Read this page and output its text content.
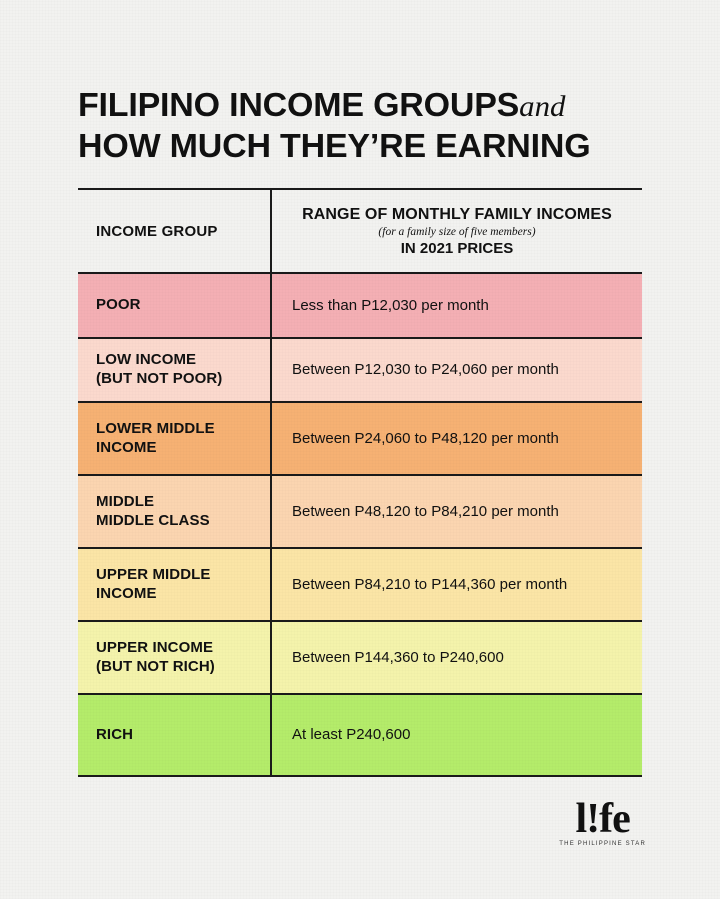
FILIPINO INCOME GROUPSand
HOW MUCH THEY’RE EARNING
INCOME GROUP	RANGE OF MONTHLY FAMILY INCOMES
(for a family size of five members)
IN 2021 PRICES

POOR	Less than P12,030 per month
LOW INCOME
(BUT NOT POOR)	Between P12,030 to P24,060 per month
LOWER MIDDLE
INCOME	Between P24,060 to P48,120 per month
MIDDLE
MIDDLE CLASS	Between P48,120 to P84,210 per month
UPPER MIDDLE
INCOME	Between P84,210 to P144,360 per month
UPPER INCOME
(BUT NOT RICH)	Between P144,360 to P240,600
RICH	At least P240,600
l!fe
THE PHILIPPINE STAR
